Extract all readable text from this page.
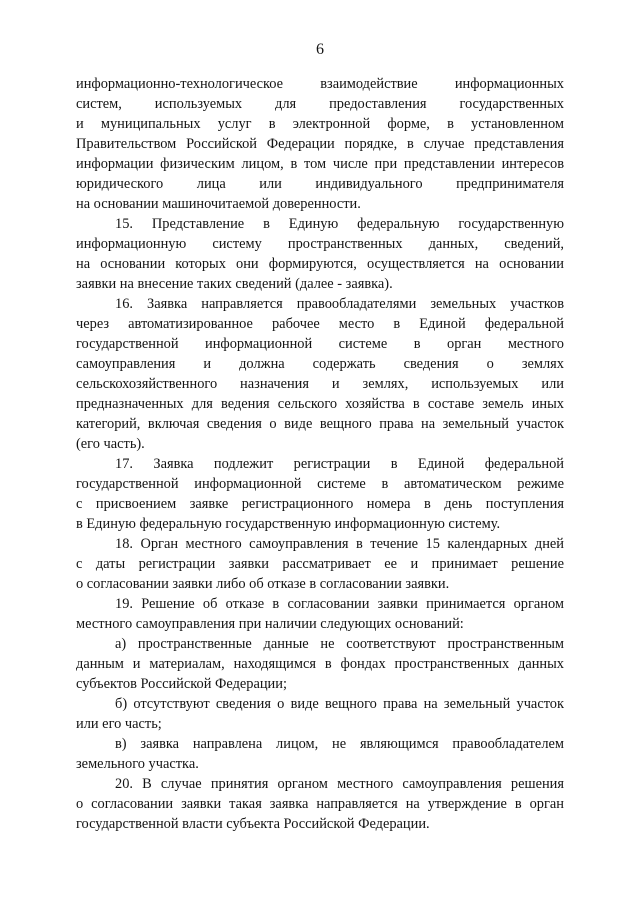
6
информационно-технологическое взаимодействие информационных
систем, используемых для предоставления государственных
и муниципальных услуг в электронной форме, в установленном
Правительством Российской Федерации порядке, в случае представления
информации физическим лицом, в том числе при представлении интересов
юридического лица или индивидуального предпринимателя
на основании машиночитаемой доверенности.
15. Представление в Единую федеральную государственную
информационную систему пространственных данных, сведений,
на основании которых они формируются, осуществляется на основании
заявки на внесение таких сведений (далее - заявка).
16. Заявка направляется правообладателями земельных участков
через автоматизированное рабочее место в Единой федеральной
государственной информационной системе в орган местного
самоуправления и должна содержать сведения о землях
сельскохозяйственного назначения и землях, используемых или
предназначенных для ведения сельского хозяйства в составе земель иных
категорий, включая сведения о виде вещного права на земельный участок
(его часть).
17. Заявка подлежит регистрации в Единой федеральной
государственной информационной системе в автоматическом режиме
с присвоением заявке регистрационного номера в день поступления
в Единую федеральную государственную информационную систему.
18. Орган местного самоуправления в течение 15 календарных дней
с даты регистрации заявки рассматривает ее и принимает решение
о согласовании заявки либо об отказе в согласовании заявки.
19. Решение об отказе в согласовании заявки принимается органом
местного самоуправления при наличии следующих оснований:
а) пространственные данные не соответствуют пространственным
данным и материалам, находящимся в фондах пространственных данных
субъектов Российской Федерации;
б) отсутствуют сведения о виде вещного права на земельный участок
или его часть;
в) заявка направлена лицом, не являющимся правообладателем
земельного участка.
20. В случае принятия органом местного самоуправления решения
о согласовании заявки такая заявка направляется на утверждение в орган
государственной власти субъекта Российской Федерации.
